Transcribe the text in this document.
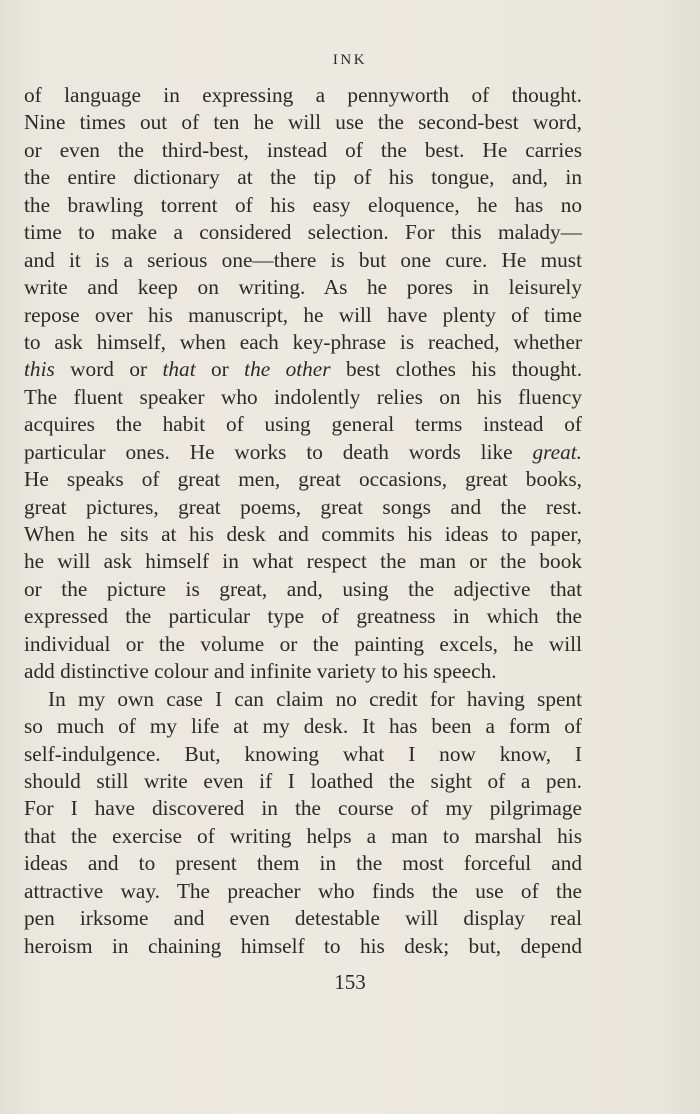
INK
of language in expressing a pennyworth of thought.
Nine times out of ten he will use the second-best word,
or even the third-best, instead of the best. He carries
the entire dictionary at the tip of his tongue, and, in
the brawling torrent of his easy eloquence, he has no
time to make a considered selection. For this malady—
and it is a serious one—there is but one cure. He must
write and keep on writing. As he pores in leisurely
repose over his manuscript, he will have plenty of time
to ask himself, when each key-phrase is reached, whether
this word or that or the other best clothes his thought.
The fluent speaker who indolently relies on his fluency
acquires the habit of using general terms instead of
particular ones. He works to death words like great.
He speaks of great men, great occasions, great books,
great pictures, great poems, great songs and the rest.
When he sits at his desk and commits his ideas to paper,
he will ask himself in what respect the man or the book
or the picture is great, and, using the adjective that
expressed the particular type of greatness in which the
individual or the volume or the painting excels, he will
add distinctive colour and infinite variety to his speech.
In my own case I can claim no credit for having spent
so much of my life at my desk. It has been a form of
self-indulgence. But, knowing what I now know, I
should still write even if I loathed the sight of a pen.
For I have discovered in the course of my pilgrimage
that the exercise of writing helps a man to marshal his
ideas and to present them in the most forceful and
attractive way. The preacher who finds the use of the
pen irksome and even detestable will display real
heroism in chaining himself to his desk; but, depend
153
